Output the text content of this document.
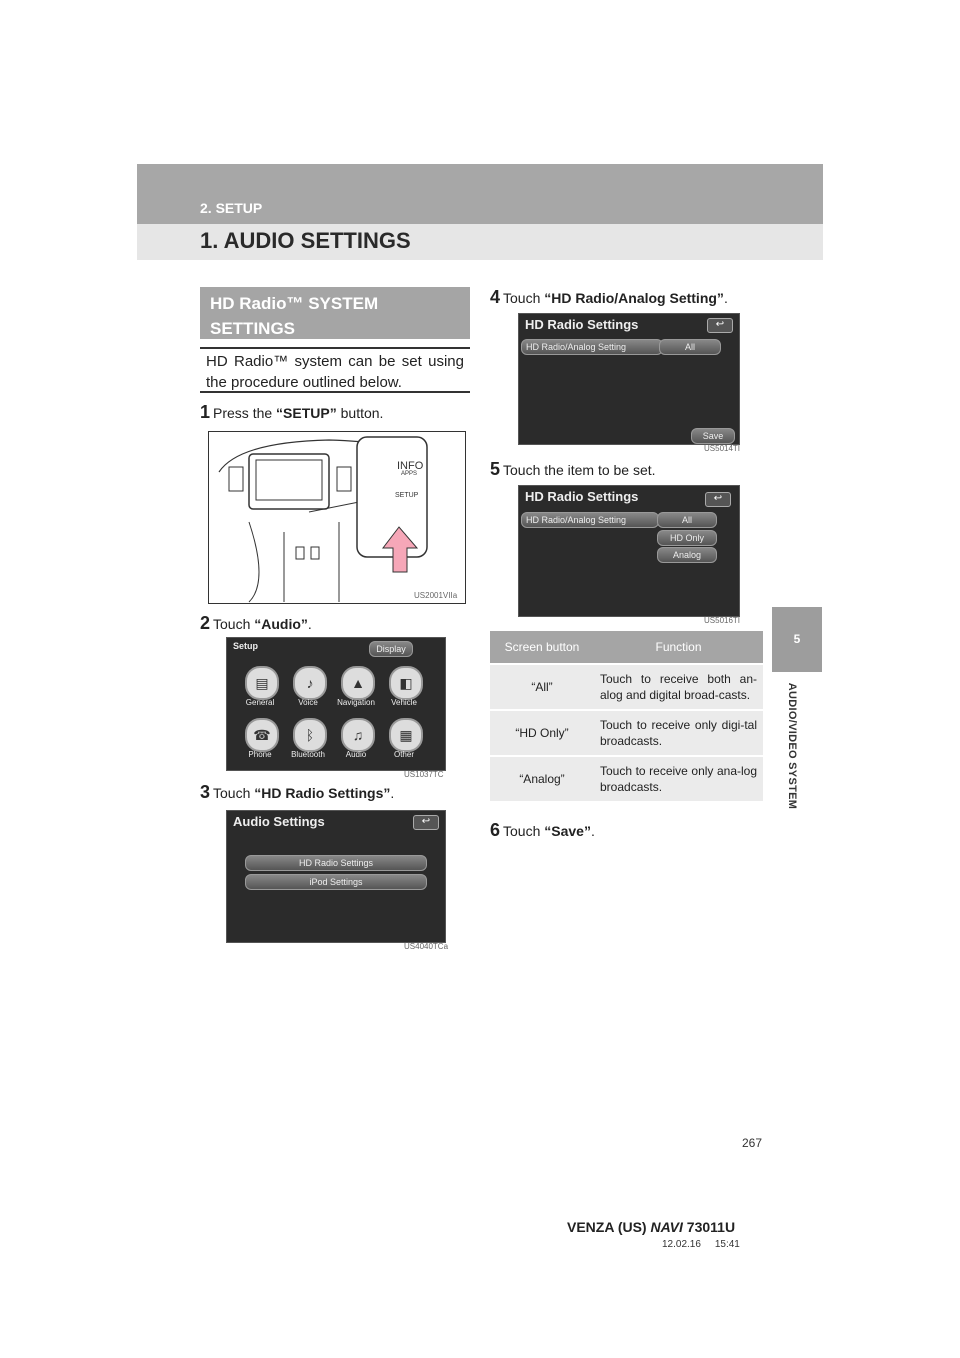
2. SETUP
1. AUDIO SETTINGS
5
AUDIO/VIDEO SYSTEM
HD Radio™ SYSTEM SETTINGS
HD Radio™ system can be set using the procedure outlined below.
1 Press the “SETUP” button.
INFO
APPS
SETUP
US2001VIIa
2 Touch “Audio”.
Setup	Display
▤	♪	▲	◧
General	Voice	Navigation	Vehicle
☎	ᛒ	♫	▦
Phone	Bluetooth	Audio	Other
US1037TC
3 Touch “HD Radio Settings”.
Audio Settings	↩
HD Radio Settings
iPod Settings
US4040TCa
4 Touch “HD Radio/Analog Setting”.
HD Radio Settings	↩
HD Radio/Analog Setting	All
Save
US5014TI
5 Touch the item to be set.
HD Radio Settings	↩
HD Radio/Analog Setting	All
HD Only
Analog
US5016TI
Screen button	Function
“All”	Touch to receive both an-alog and digital broad-casts.
“HD Only”	Touch to receive only digi-tal broadcasts.
“Analog”	Touch to receive only ana-log broadcasts.
6 Touch “Save”.
267
VENZA (US) NAVI 73011U
12.02.16     15:41
